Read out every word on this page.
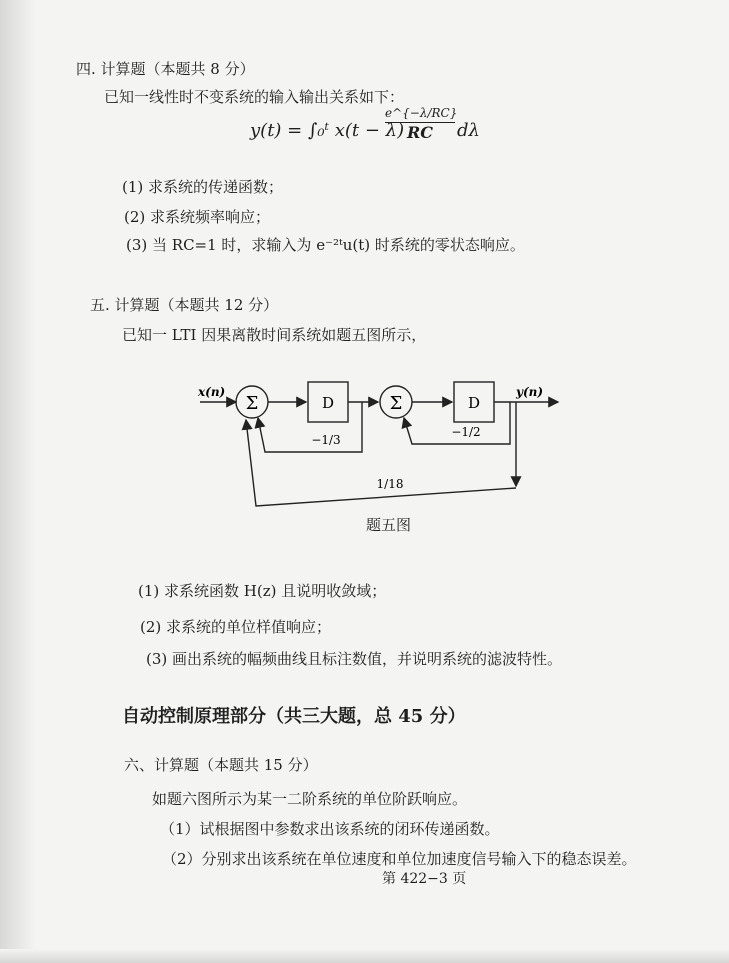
四. 计算题（本题共 8 分）
已知一线性时不变系统的输入输出关系如下：
y(t) = ∫₀ᵗ x(t − λ)
e^{−λ/RC}
RC	dλ
(1) 求系统的传递函数；
(2) 求系统频率响应；
(3) 当 RC=1 时，求输入为 e⁻²ᵗu(t) 时系统的零状态响应。
五. 计算题（本题共 12 分）
已知一 LTI 因果离散时间系统如题五图所示，
x(n)	y(n)
Σ	Σ
D	D
−1/3
−1/2
1/18
题五图
(1) 求系统函数 H(z) 且说明收敛域；
(2) 求系统的单位样值响应；
(3) 画出系统的幅频曲线且标注数值，并说明系统的滤波特性。
自动控制原理部分（共三大题，总 45 分）
六、计算题（本题共 15 分）
如题六图所示为某一二阶系统的单位阶跃响应。
（1）试根据图中参数求出该系统的闭环传递函数。
（2）分别求出该系统在单位速度和单位加速度信号输入下的稳态误差。
第 422−3 页
